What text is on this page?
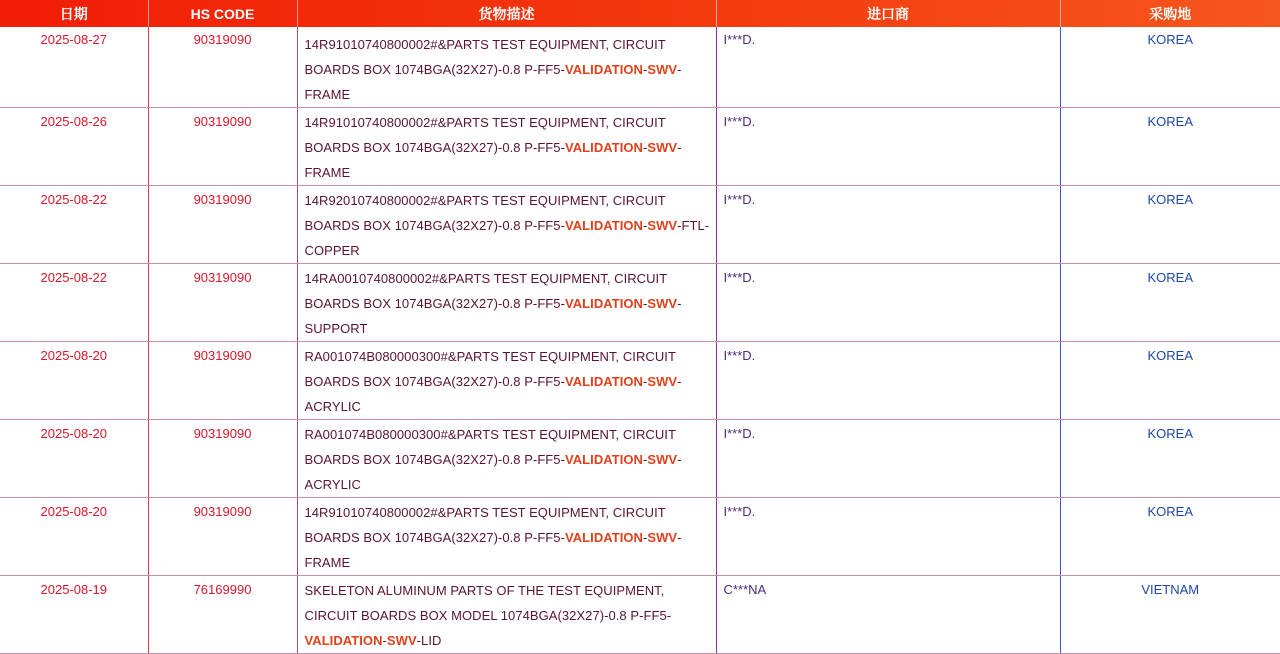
日期	HS CODE	货物描述	进口商	采购地
2025-08-27	90319090	14R91010740800002#&PARTS TEST EQUIPMENT, CIRCUIT BOARDS BOX 1074BGA(32X27)-0.8 P-FF5-VALIDATION-SWV-FRAME	I***D.	KOREA
2025-08-26	90319090	14R91010740800002#&PARTS TEST EQUIPMENT, CIRCUIT BOARDS BOX 1074BGA(32X27)-0.8 P-FF5-VALIDATION-SWV-FRAME	I***D.	KOREA
2025-08-22	90319090	14R92010740800002#&PARTS TEST EQUIPMENT, CIRCUIT BOARDS BOX 1074BGA(32X27)-0.8 P-FF5-VALIDATION-SWV-FTL-COPPER	I***D.	KOREA
2025-08-22	90319090	14RA0010740800002#&PARTS TEST EQUIPMENT, CIRCUIT BOARDS BOX 1074BGA(32X27)-0.8 P-FF5-VALIDATION-SWV-SUPPORT	I***D.	KOREA
2025-08-20	90319090	RA001074B080000300#&PARTS TEST EQUIPMENT, CIRCUIT BOARDS BOX 1074BGA(32X27)-0.8 P-FF5-VALIDATION-SWV-ACRYLIC	I***D.	KOREA
2025-08-20	90319090	RA001074B080000300#&PARTS TEST EQUIPMENT, CIRCUIT BOARDS BOX 1074BGA(32X27)-0.8 P-FF5-VALIDATION-SWV-ACRYLIC	I***D.	KOREA
2025-08-20	90319090	14R91010740800002#&PARTS TEST EQUIPMENT, CIRCUIT BOARDS BOX 1074BGA(32X27)-0.8 P-FF5-VALIDATION-SWV-FRAME	I***D.	KOREA
2025-08-19	76169990	SKELETON ALUMINUM PARTS OF THE TEST EQUIPMENT, CIRCUIT BOARDS BOX MODEL 1074BGA(32X27)-0.8 P-FF5-VALIDATION-SWV-LID	C***NA	VIETNAM
